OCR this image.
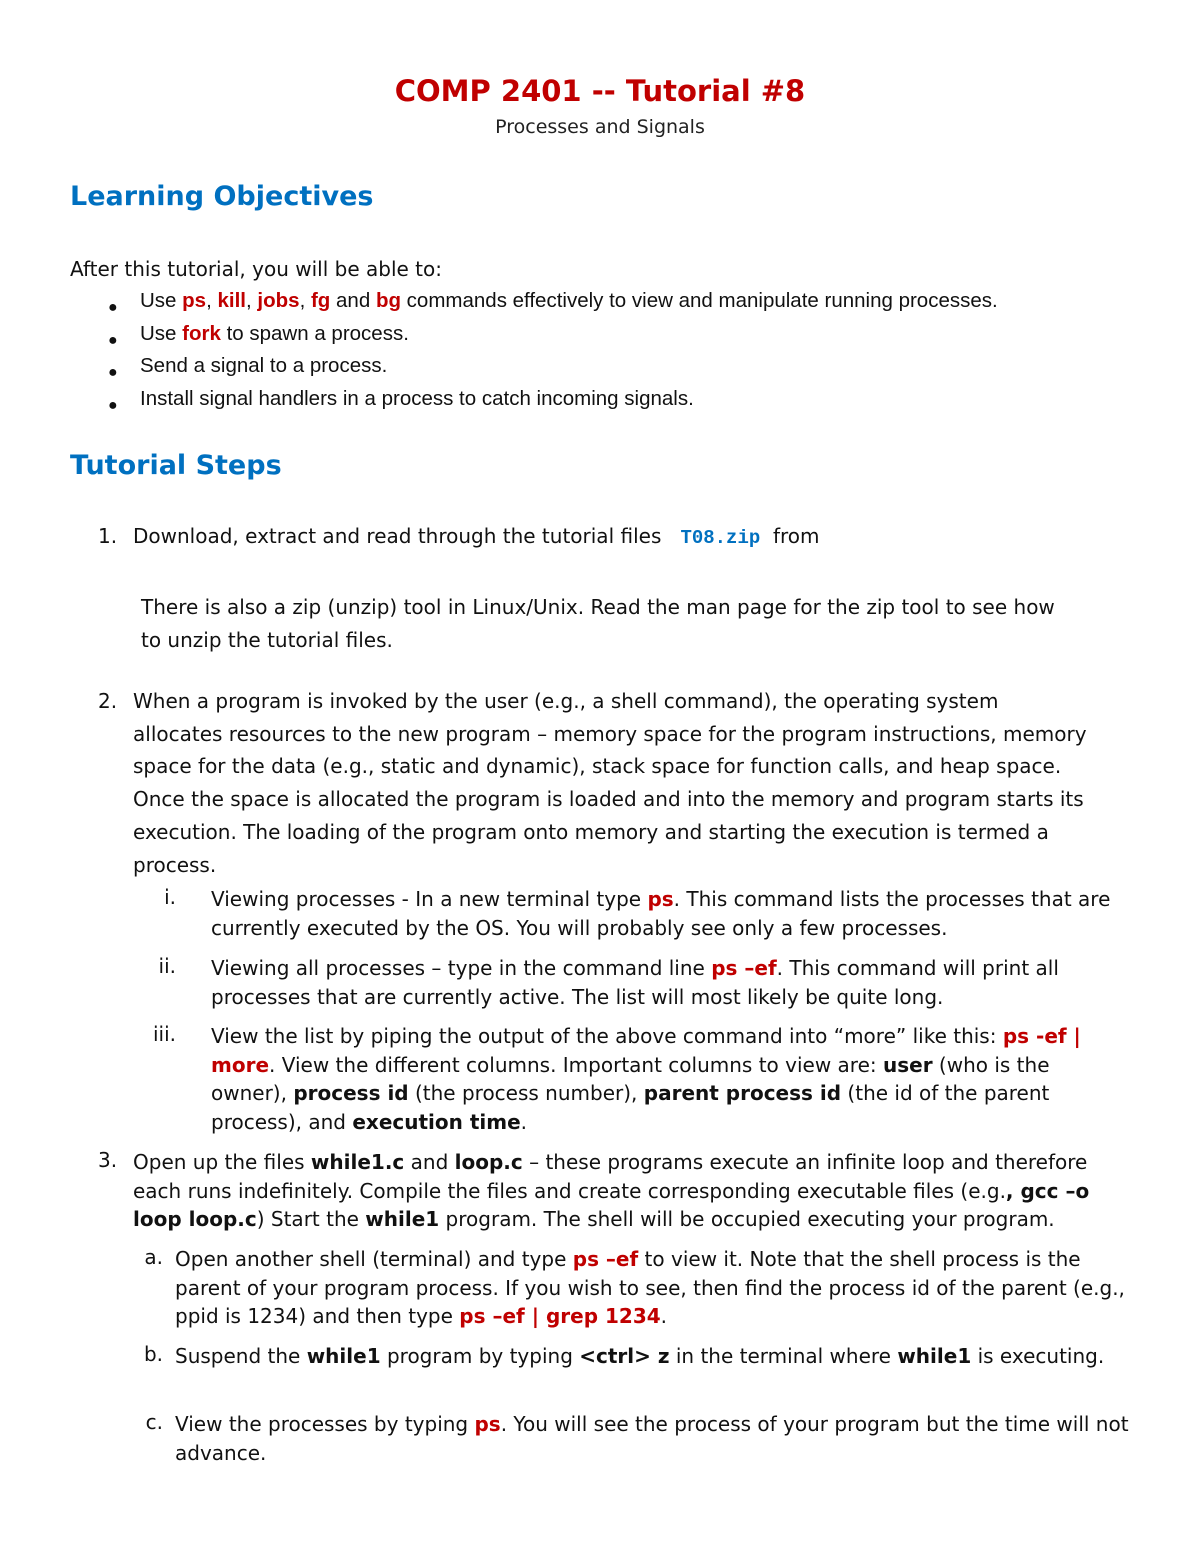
COMP 2401 -- Tutorial #8
Processes and Signals
Learning Objectives

After this tutorial, you will be able to:

● Use ps, kill, jobs, fg and bg commands effectively to view and manipulate running processes.
● Use fork to spawn a process.
● Send a signal to a process.
● Install signal handlers in a process to catch incoming signals.
Tutorial Steps
1. Download, extract and read through the tutorial files T08.zip from

There is also a zip (unzip) tool in Linux/Unix. Read the man page for the zip tool to see how
to unzip the tutorial files.

2. When a program is invoked by the user (e.g., a shell command), the operating system
allocates resources to the new program – memory space for the program instructions, memory
space for the data (e.g., static and dynamic), stack space for function calls, and heap space.
Once the space is allocated the program is loaded and into the memory and program starts its
execution. The loading of the program onto memory and starting the execution is termed a
process.
i. Viewing processes - In a new terminal type ps. This command lists the processes that are currently executed by the OS. You will probably see only a few processes.

ii. Viewing all processes – type in the command line ps –ef. This command will print all processes that are currently active. The list will most likely be quite long.

iii. View the list by piping the output of the above command into “more” like this: ps -ef | more. View the different columns. Important columns to view are: user (who is the owner), process id (the process number), parent process id (the id of the parent process), and execution time.

3. Open up the files while1.c and loop.c – these programs execute an infinite loop and therefore each runs indefinitely. Compile the files and create corresponding executable files (e.g., gcc –o loop loop.c) Start the while1 program. The shell will be occupied executing your program.

a. Open another shell (terminal) and type ps –ef to view it. Note that the shell process is the parent of your program process. If you wish to see, then find the process id of the parent (e.g., ppid is 1234) and then type ps –ef | grep 1234.

b. Suspend the while1 program by typing <ctrl> z in the terminal where while1 is executing.

c. View the processes by typing ps. You will see the process of your program but the time will not advance.
